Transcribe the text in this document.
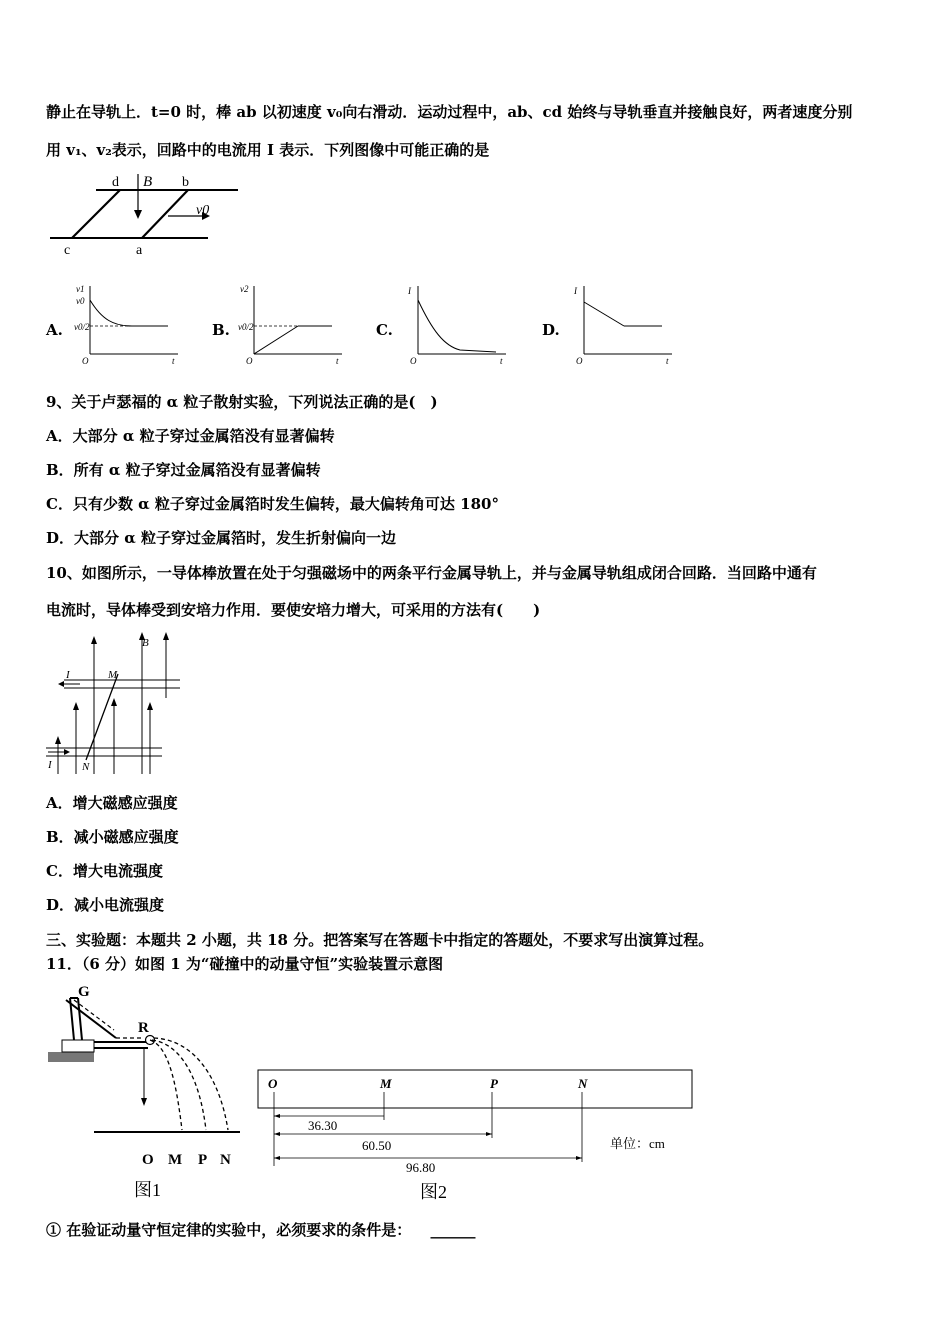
静止在导轨上．t=0 时，棒 ab 以初速度 v₀向右滑动．运动过程中，ab、cd 始终与导轨垂直并接触良好，两者速度分别
用 v₁、v₂表示，回路中的电流用 I 表示．下列图像中可能正确的是
d B b
v0
c	a
A.
v1
v0
v0/2
O	t
B.
v2
v0/2
O	t
C.
I
O	t
D.
I
O	t
9、关于卢瑟福的 α 粒子散射实验，下列说法正确的是(　)
A．大部分 α 粒子穿过金属箔没有显著偏转
B．所有 α 粒子穿过金属箔没有显著偏转
C．只有少数 α 粒子穿过金属箔时发生偏转，最大偏转角可达 180°
D．大部分 α 粒子穿过金属箔时，发生折射偏向一边
10、如图所示，一导体棒放置在处于匀强磁场中的两条平行金属导轨上，并与金属导轨组成闭合回路．当回路中通有
电流时，导体棒受到安培力作用．要使安培力增大，可采用的方法有(　　)
B
I	M
I	N
A．增大磁感应强度
B．减小磁感应强度
C．增大电流强度
D．减小电流强度
三、实验题：本题共 2 小题，共 18 分。把答案写在答题卡中指定的答题处，不要求写出演算过程。
11．（6 分）如图 1 为“碰撞中的动量守恒”实验装置示意图
G
R
O M P N
图1
O	M	P	N
36.30
60.50
96.80
单位：cm
图2
① 在验证动量守恒定律的实验中，必须要求的条件是： ______
